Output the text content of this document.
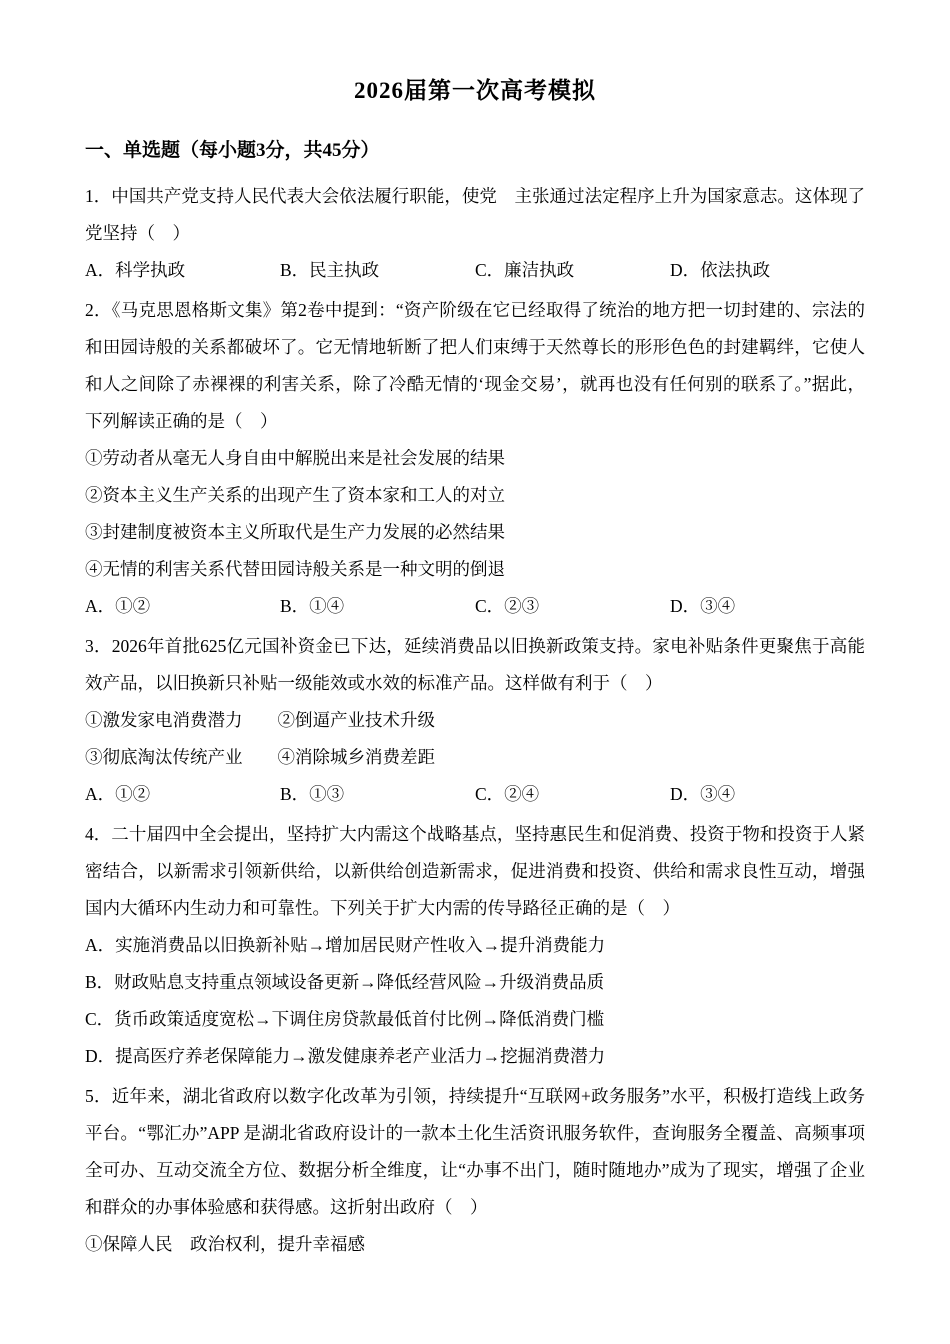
2026届第一次高考模拟
一、单选题（每小题3分，共45分）

1．中国共产党支持人民代表大会依法履行职能，使党　主张通过法定程序上升为国家意志。这体现了党坚持（　）

A．科学执政	B．民主执政	C．廉洁执政	D．依法执政

2．《马克思恩格斯文集》第2卷中提到：“资产阶级在它已经取得了统治的地方把一切封建的、宗法的和田园诗般的关系都破坏了。它无情地斩断了把人们束缚于天然尊长的形形色色的封建羁绊，它使人和人之间除了赤裸裸的利害关系，除了冷酷无情的‘现金交易’，就再也没有任何别的联系了。”据此，下列解读正确的是（　）

①劳动者从毫无人身自由中解脱出来是社会发展的结果

②资本主义生产关系的出现产生了资本家和工人的对立

③封建制度被资本主义所取代是生产力发展的必然结果

④无情的利害关系代替田园诗般关系是一种文明的倒退

A．①②	B．①④	C．②③	D．③④

3．2026年首批625亿元国补资金已下达，延续消费品以旧换新政策支持。家电补贴条件更聚焦于高能效产品，以旧换新只补贴一级能效或水效的标准产品。这样做有利于（　）

①激发家电消费潜力　　②倒逼产业技术升级

③彻底淘汰传统产业　　④消除城乡消费差距

A．①②	B．①③	C．②④	D．③④

4．二十届四中全会提出，坚持扩大内需这个战略基点，坚持惠民生和促消费、投资于物和投资于人紧密结合，以新需求引领新供给，以新供给创造新需求，促进消费和投资、供给和需求良性互动，增强国内大循环内生动力和可靠性。下列关于扩大内需的传导路径正确的是（　）

A．实施消费品以旧换新补贴→增加居民财产性收入→提升消费能力

B．财政贴息支持重点领域设备更新→降低经营风险→升级消费品质

C．货币政策适度宽松→下调住房贷款最低首付比例→降低消费门槛

D．提高医疗养老保障能力→激发健康养老产业活力→挖掘消费潜力

5．近年来，湖北省政府以数字化改革为引领，持续提升“互联网+政务服务”水平，积极打造线上政务平台。“鄂汇办”APP 是湖北省政府设计的一款本土化生活资讯服务软件，查询服务全覆盖、高频事项全可办、互动交流全方位、数据分析全维度，让“办事不出门，随时随地办”成为了现实，增强了企业和群众的办事体验感和获得感。这折射出政府（　）

①保障人民　政治权利，提升幸福感
